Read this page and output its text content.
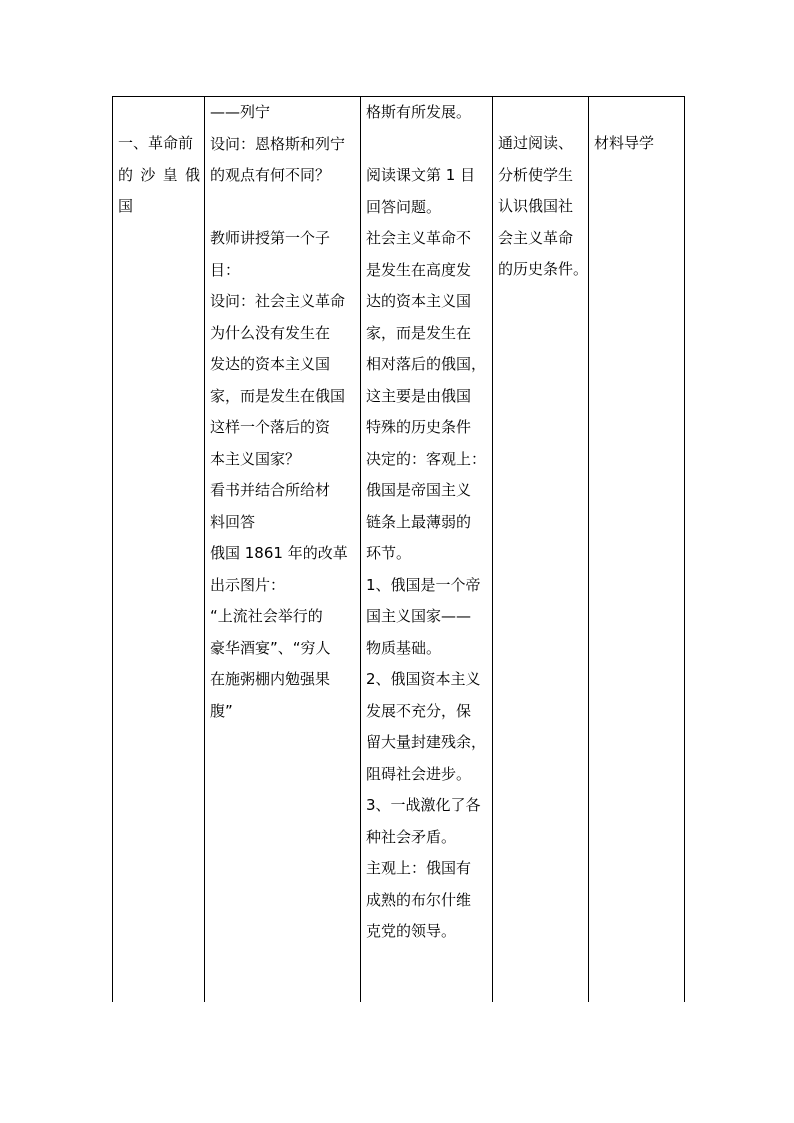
一、革命前
的沙皇俄
国
——列宁
设问：恩格斯和列宁
的观点有何不同？
教师讲授第一个子
目：
设问：社会主义革命
为什么没有发生在
发达的资本主义国
家，而是发生在俄国
这样一个落后的资
本主义国家？
看书并结合所给材
料回答
俄国 1861 年的改革
出示图片：
“上流社会举行的
豪华酒宴”、“穷人
在施粥棚内勉强果
腹”
格斯有所发展。
阅读课文第 1 目
回答问题。
社会主义革命不
是发生在高度发
达的资本主义国
家，而是发生在
相对落后的俄国，
这主要是由俄国
特殊的历史条件
决定的：客观上：
俄国是帝国主义
链条上最薄弱的
环节。
1、俄国是一个帝
国主义国家——
物质基础。
2、俄国资本主义
发展不充分，保
留大量封建残余，
阻碍社会进步。
3、一战激化了各
种社会矛盾。
主观上：俄国有
成熟的布尔什维
克党的领导。
通过阅读、
分析使学生
认识俄国社
会主义革命
的历史条件。
材料导学
